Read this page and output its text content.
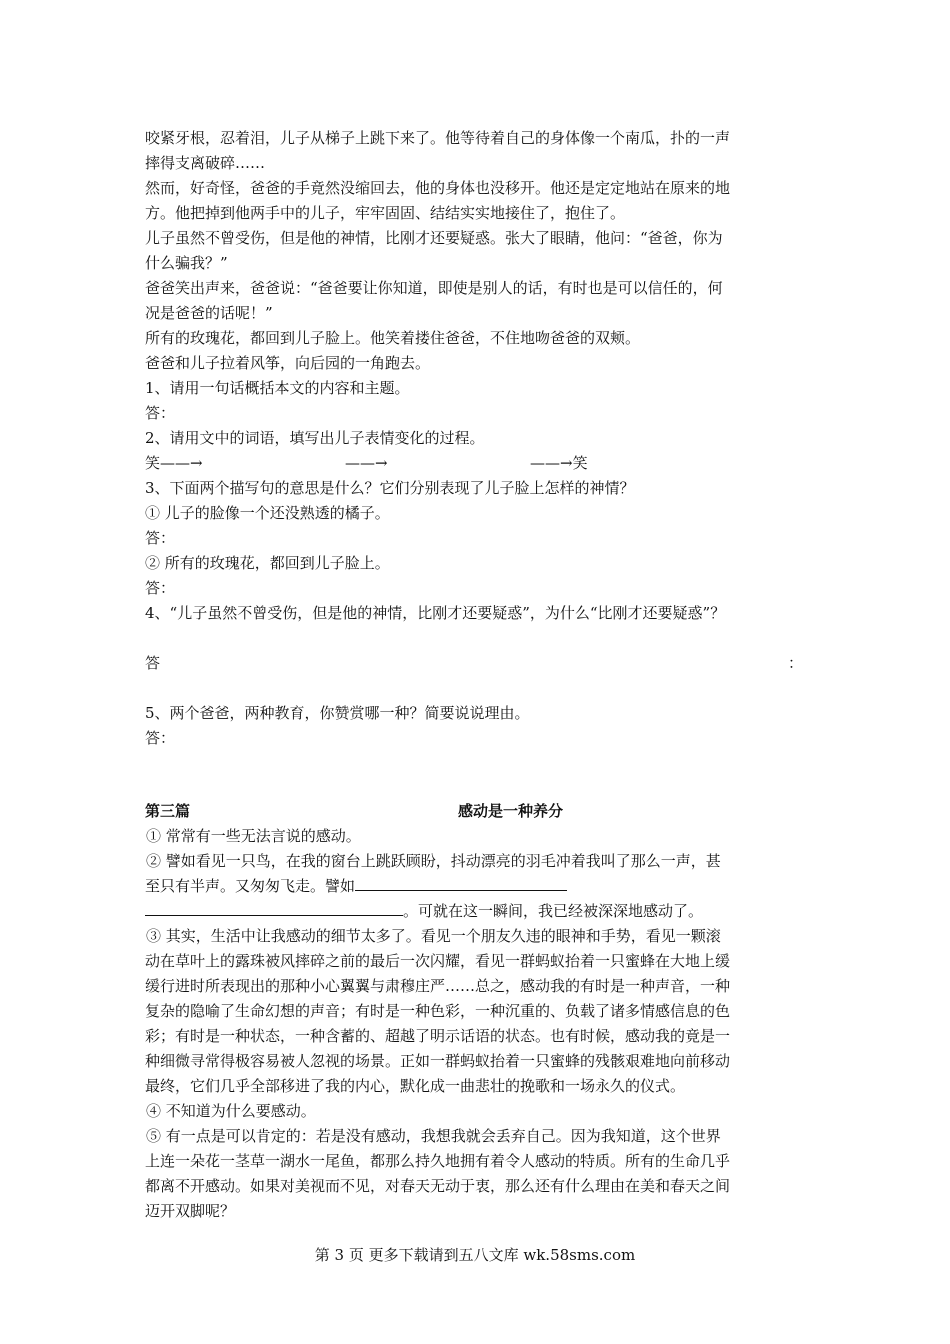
咬紧牙根，忍着泪，儿子从梯子上跳下来了。他等待着自己的身体像一个南瓜，扑的一声
摔得支离破碎……
然而，好奇怪，爸爸的手竟然没缩回去，他的身体也没移开。他还是定定地站在原来的地
方。他把掉到他两手中的儿子，牢牢固固、结结实实地接住了，抱住了。
儿子虽然不曾受伤，但是他的神情，比刚才还要疑惑。张大了眼睛，他问：“爸爸，你为
什么骗我？”
爸爸笑出声来，爸爸说：“爸爸要让你知道，即使是别人的话，有时也是可以信任的，何
况是爸爸的话呢！”
所有的玫瑰花，都回到儿子脸上。他笑着搂住爸爸，不住地吻爸爸的双颊。
爸爸和儿子拉着风筝，向后园的一角跑去。
1、请用一句话概括本文的内容和主题。
答：
2、请用文中的词语，填写出儿子表情变化的过程。
笑——→	——→	——→笑
3、下面两个描写句的意思是什么？它们分别表现了儿子脸上怎样的神情？
① 儿子的脸像一个还没熟透的橘子。
答：
② 所有的玫瑰花，都回到儿子脸上。
答：
4、“儿子虽然不曾受伤，但是他的神情，比刚才还要疑惑”，为什么“比刚才还要疑惑”？
答	：
5、两个爸爸，两种教育，你赞赏哪一种？简要说说理由。
答：
第三篇	感动是一种养分
① 常常有一些无法言说的感动。
② 譬如看见一只鸟，在我的窗台上跳跃顾盼，抖动漂亮的羽毛冲着我叫了那么一声，甚
至只有半声。又匆匆飞走。譬如
。可就在这一瞬间，我已经被深深地感动了。
③ 其实，生活中让我感动的细节太多了。看见一个朋友久违的眼神和手势，看见一颗滚
动在草叶上的露珠被风摔碎之前的最后一次闪耀，看见一群蚂蚁抬着一只蜜蜂在大地上缓
缓行进时所表现出的那种小心翼翼与肃穆庄严……总之，感动我的有时是一种声音，一种
复杂的隐喻了生命幻想的声音；有时是一种色彩，一种沉重的、负载了诸多情感信息的色
彩；有时是一种状态，一种含蓄的、超越了明示话语的状态。也有时候，感动我的竟是一
种细微寻常得极容易被人忽视的场景。正如一群蚂蚁抬着一只蜜蜂的残骸艰难地向前移动
最终，它们几乎全部移进了我的内心，默化成一曲悲壮的挽歌和一场永久的仪式。
④ 不知道为什么要感动。
⑤ 有一点是可以肯定的：若是没有感动，我想我就会丢弃自己。因为我知道，这个世界
上连一朵花一茎草一湖水一尾鱼，都那么持久地拥有着令人感动的特质。所有的生命几乎
都离不开感动。如果对美视而不见，对春天无动于衷，那么还有什么理由在美和春天之间
迈开双脚呢？
第 3 页 更多下载请到五八文库 wk.58sms.com
